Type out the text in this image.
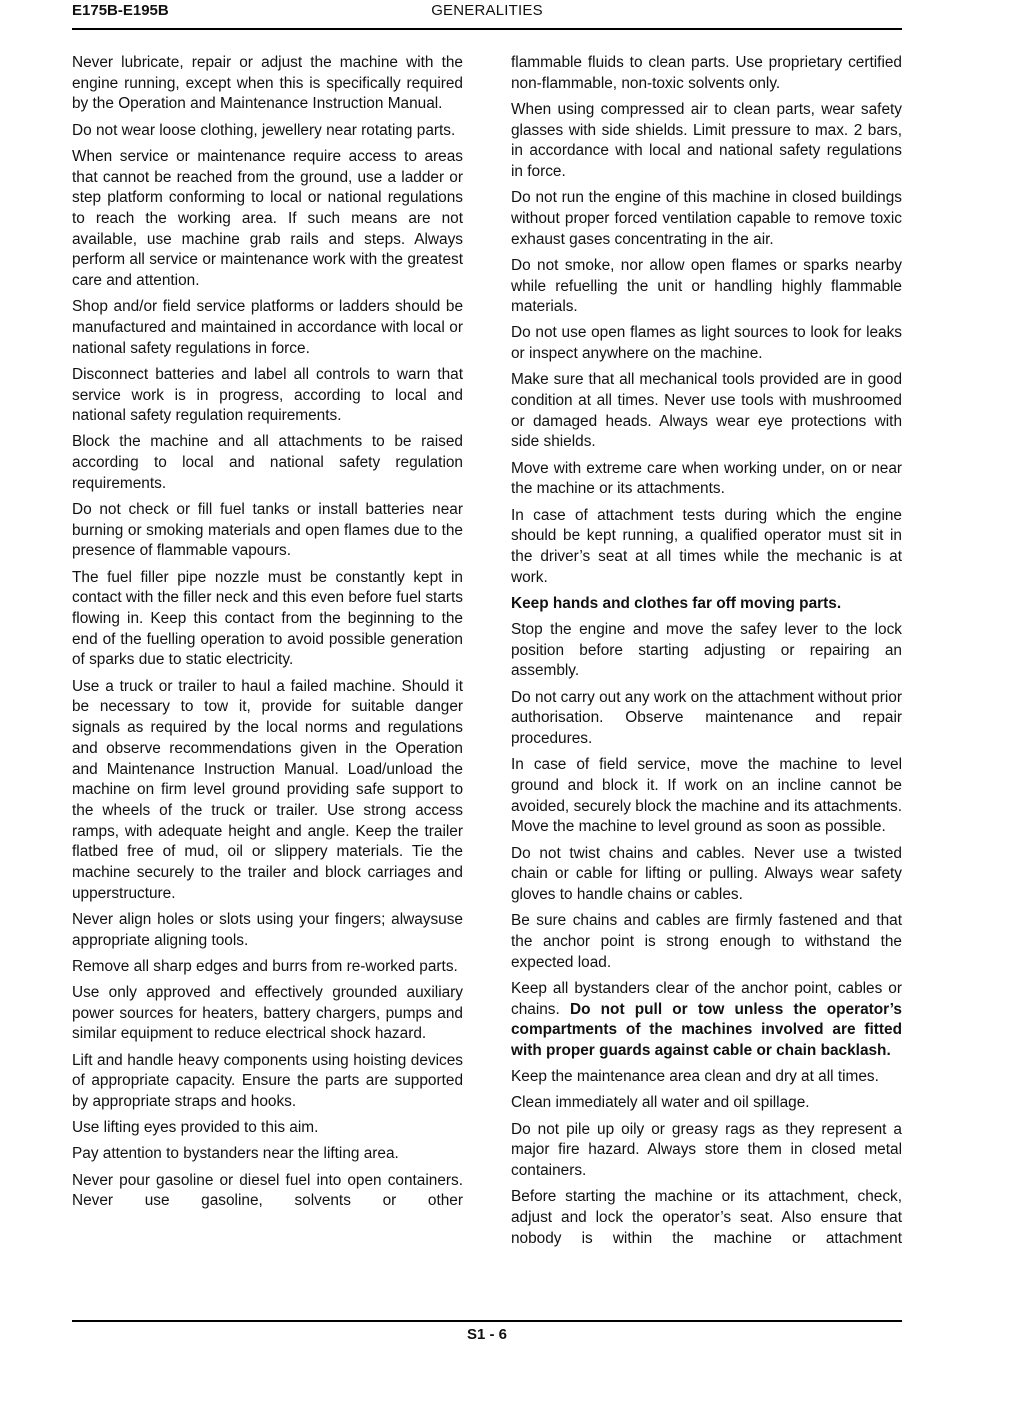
E175B-E195B	GENERALITIES

Never lubricate, repair or adjust the machine with the engine running, except when this is specifically required by the Operation and Maintenance Instruction Manual.

Do not wear loose clothing, jewellery near rotating parts.

When service or maintenance require access to areas that cannot be reached from the ground, use a ladder or step platform conforming to local or national regulations to reach the working area. If such means are not available, use machine grab rails and steps. Always perform all service or maintenance work with the greatest care and attention.

Shop and/or field service platforms or ladders should be manufactured and maintained in accordance with local or national safety regulations in force.

Disconnect batteries and label all controls to warn that service work is in progress, according to local and national safety regulation requirements.

Block the machine and all attachments to be raised according to local and national safety regulation requirements.

Do not check or fill fuel tanks or install batteries near burning or smoking materials and open flames due to the presence of flammable vapours.

The fuel filler pipe nozzle must be constantly kept in contact with the filler neck and this even before fuel starts flowing in. Keep this contact from the beginning to the end of the fuelling operation to avoid possible generation of sparks due to static electricity.

Use a truck or trailer to haul a failed machine. Should it be necessary to tow it, provide for suitable danger signals as required by the local norms and regulations and observe recommendations given in the Operation and Maintenance Instruction Manual. Load/unload the machine on firm level ground providing safe support to the wheels of the truck or trailer. Use strong access ramps, with adequate height and angle. Keep the trailer flatbed free of mud, oil or slippery materials. Tie the machine securely to the trailer and block carriages and upperstructure.

Never align holes or slots using your fingers; alwaysuse appropriate aligning tools.

Remove all sharp edges and burrs from re-worked parts.

Use only approved and effectively grounded auxiliary power sources for heaters, battery chargers, pumps and similar equipment to reduce electrical shock hazard.

Lift and handle heavy components using hoisting devices of appropriate capacity. Ensure the parts are supported by appropriate straps and hooks.

Use lifting eyes provided to this aim.

Pay attention to bystanders near the lifting area.

Never pour gasoline or diesel fuel into open containers. Never use gasoline, solvents or other

flammable fluids to clean parts. Use proprietary certified non-flammable, non-toxic solvents only.

When using compressed air to clean parts, wear safety glasses with side shields. Limit pressure to max. 2 bars, in accordance with local and national safety regulations in force.

Do not run the engine of this machine in closed buildings without proper forced ventilation capable to remove toxic exhaust gases concentrating in the air.

Do not smoke, nor allow open flames or sparks nearby while refuelling the unit or handling highly flammable materials.

Do not use open flames as light sources to look for leaks or inspect anywhere on the machine.

Make sure that all mechanical tools provided are in good condition at all times. Never use tools with mushroomed or damaged heads. Always wear eye protections with side shields.

Move with extreme care when working under, on or near the machine or its attachments.

In case of attachment tests during which the engine should be kept running, a qualified operator must sit in the driver’s seat at all times while the mechanic is at work.

Keep hands and clothes far off moving parts.

Stop the engine and move the safey lever to the lock position before starting adjusting or repairing an assembly.

Do not carry out any work on the attachment without prior authorisation. Observe maintenance and repair procedures.

In case of field service, move the machine to level ground and block it. If work on an incline cannot be avoided, securely block the machine and its attachments. Move the machine to level ground as soon as possible.

Do not twist chains and cables. Never use a twisted chain or cable for lifting or pulling. Always wear safety gloves to handle chains or cables.

Be sure chains and cables are firmly fastened and that the anchor point is strong enough to withstand the expected load.

Keep all bystanders clear of the anchor point, cables or chains. Do not pull or tow unless the operator’s compartments of the machines involved are fitted with proper guards against cable or chain backlash.

Keep the maintenance area clean and dry at all times.

Clean immediately all water and oil spillage.

Do not pile up oily or greasy rags as they represent a major fire hazard. Always store them in closed metal containers.

Before starting the machine or its attachment, check, adjust and lock the operator’s seat. Also ensure that nobody is within the machine or attachment

S1 - 6
